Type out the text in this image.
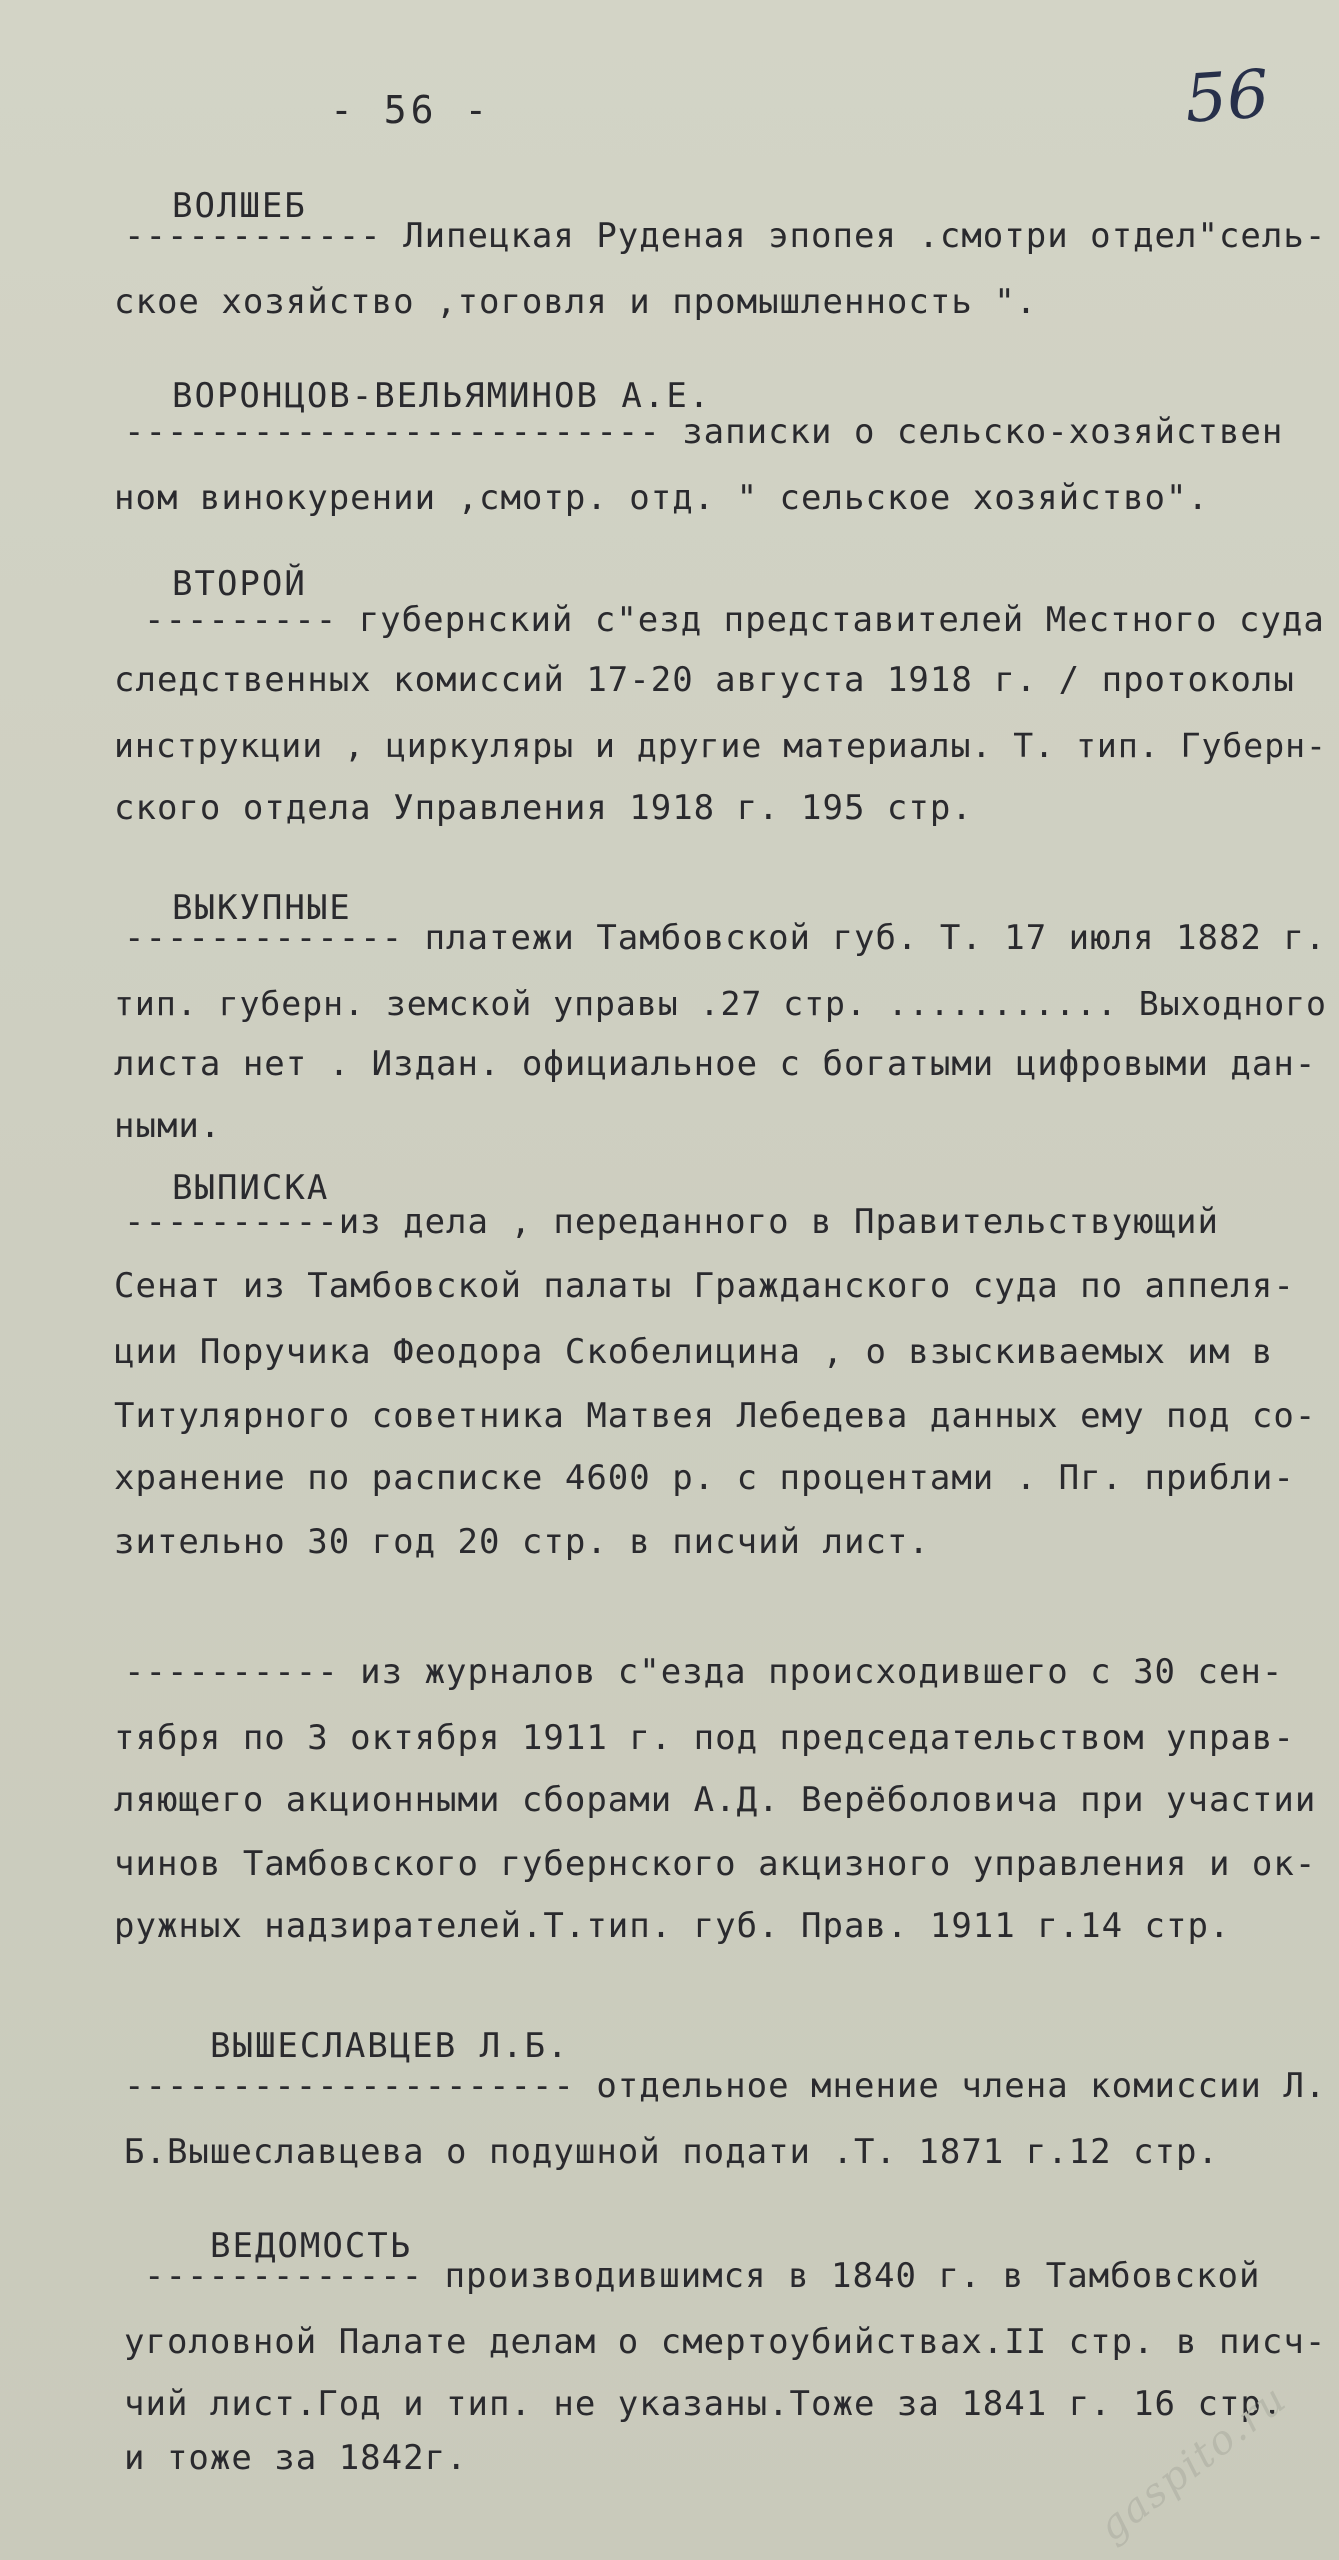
- 56 -	56
ВОЛШЕБ
------------ Липецкая Руденая эпопея .смотри отдел"сель-
ское хозяйство ,тоговля и промышленность ".
ВОРОНЦОВ-ВЕЛЬЯМИНОВ А.Е.
------------------------- записки о сельско-хозяйствен
ном винокурении ,смотр. отд. " сельское хозяйство".
ВТОРОЙ
--------- губернский с"езд представителей Местного суда
следственных комиссий 17-20 августа 1918 г. / протоколы
инструкции , циркуляры и другие материалы. Т. тип. Губерн-
ского отдела Управления 1918 г. 195 стр.
ВЫКУПНЫЕ
------------- платежи Тамбовской губ. Т. 17 июля 1882 г.
тип. губерн. земской управы .27 стр. ........... Выходного
листа нет . Издан. официальное с богатыми цифровыми дан-
ными.
ВЫПИСКА
----------из дела , переданного в Правительствующий
Сенат из Тамбовской палаты Гражданского суда по аппеля-
ции Поручика Феодора Скобелицина , о взыскиваемых им в
Титулярного советника Матвея Лебедева данных ему под со-
хранение по расписке 4600 р. с процентами . Пг. прибли-
зительно 30 год 20 стр. в писчий лист.
---------- из журналов с"езда происходившего с 30 сен-
тября по 3 октября 1911 г. под председательством управ-
ляющего акционными сборами А.Д. Верёболовича при участии
чинов Тамбовского губернского акцизного управления и ок-
ружных надзирателей.Т.тип. губ. Прав. 1911 г.14 стр.
ВЫШЕСЛАВЦЕВ Л.Б.
--------------------- отдельное мнение члена комиссии Л.
Б.Вышеславцева о подушной подати .Т. 1871 г.12 стр.
ВЕДОМОСТЬ
------------- производившимся в 1840 г. в Тамбовской
уголовной Палате делам о смертоубийствах.II стр. в писч-
чий лист.Год и тип. не указаны.Тоже за 1841 г. 16 стр.
и тоже за 1842г.	gaspito.ru
